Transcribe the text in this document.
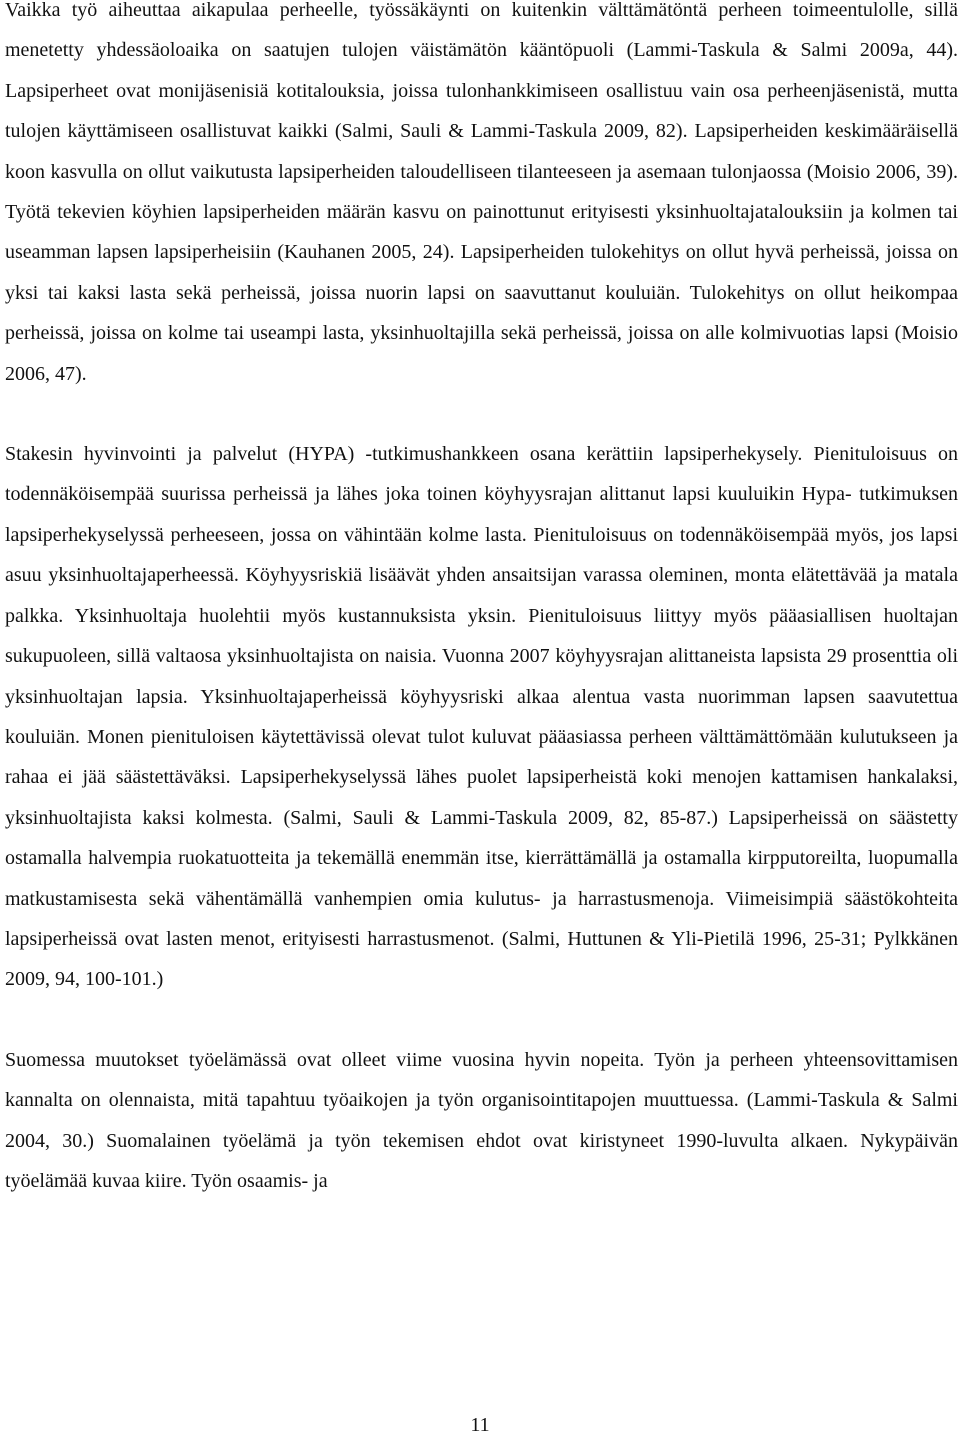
Vaikka työ aiheuttaa aikapulaa perheelle, työssäkäynti on kuitenkin välttämätöntä perheen toimeentulolle, sillä menetetty yhdessäoloaika on saatujen tulojen väistämätön kääntöpuoli (Lammi-Taskula & Salmi 2009a, 44). Lapsiperheet ovat monijäsenisiä kotitalouksia, joissa tulonhankkimiseen osallistuu vain osa perheenjäsenistä, mutta tulojen käyttämiseen osallistuvat kaikki (Salmi, Sauli & Lammi-Taskula 2009, 82). Lapsiperheiden keskimääräisellä koon kasvulla on ollut vaikutusta lapsiperheiden taloudelliseen tilanteeseen ja asemaan tulonjaossa (Moisio 2006, 39). Työtä tekevien köyhien lapsiperheiden määrän kasvu on painottunut erityisesti yksinhuoltajatalouksiin ja kolmen tai useamman lapsen lapsiperheisiin (Kauhanen 2005, 24). Lapsiperheiden tulokehitys on ollut hyvä perheissä, joissa on yksi tai kaksi lasta sekä perheissä, joissa nuorin lapsi on saavuttanut kouluiän. Tulokehitys on ollut heikompaa perheissä, joissa on kolme tai useampi lasta, yksinhuoltajilla sekä perheissä, joissa on alle kolmivuotias lapsi (Moisio 2006, 47).

Stakesin hyvinvointi ja palvelut (HYPA) -tutkimushankkeen osana kerättiin lapsiperhekysely. Pienituloisuus on todennäköisempää suurissa perheissä ja lähes joka toinen köyhyysrajan alittanut lapsi kuuluikin Hypa- tutkimuksen lapsiperhekyselyssä perheeseen, jossa on vähintään kolme lasta. Pienituloisuus on todennäköisempää myös, jos lapsi asuu yksinhuoltajaperheessä. Köyhyysriskiä lisäävät yhden ansaitsijan varassa oleminen, monta elätettävää ja matala palkka. Yksinhuoltaja huolehtii myös kustannuksista yksin. Pienituloisuus liittyy myös pääasiallisen huoltajan sukupuoleen, sillä valtaosa yksinhuoltajista on naisia. Vuonna 2007 köyhyysrajan alittaneista lapsista 29 prosenttia oli yksinhuoltajan lapsia. Yksinhuoltajaperheissä köyhyysriski alkaa alentua vasta nuorimman lapsen saavutettua kouluiän. Monen pienituloisen käytettävissä olevat tulot kuluvat pääasiassa perheen välttämättömään kulutukseen ja rahaa ei jää säästettäväksi. Lapsiperhekyselyssä lähes puolet lapsiperheistä koki menojen kattamisen hankalaksi, yksinhuoltajista kaksi kolmesta. (Salmi, Sauli & Lammi-Taskula 2009, 82, 85-87.) Lapsiperheissä on säästetty ostamalla halvempia ruokatuotteita ja tekemällä enemmän itse, kierrättämällä ja ostamalla kirpputoreilta, luopumalla matkustamisesta sekä vähentämällä vanhempien omia kulutus- ja harrastusmenoja. Viimeisimpiä säästökohteita lapsiperheissä ovat lasten menot, erityisesti harrastusmenot. (Salmi, Huttunen & Yli-Pietilä 1996, 25-31; Pylkkänen 2009, 94, 100-101.)

Suomessa muutokset työelämässä ovat olleet viime vuosina hyvin nopeita. Työn ja perheen yhteensovittamisen kannalta on olennaista, mitä tapahtuu työaikojen ja työn organisointitapojen muuttuessa. (Lammi-Taskula & Salmi 2004, 30.) Suomalainen työelämä ja työn tekemisen ehdot ovat kiristyneet 1990-luvulta alkaen. Nykypäivän työelämää kuvaa kiire. Työn osaamis- ja

11
